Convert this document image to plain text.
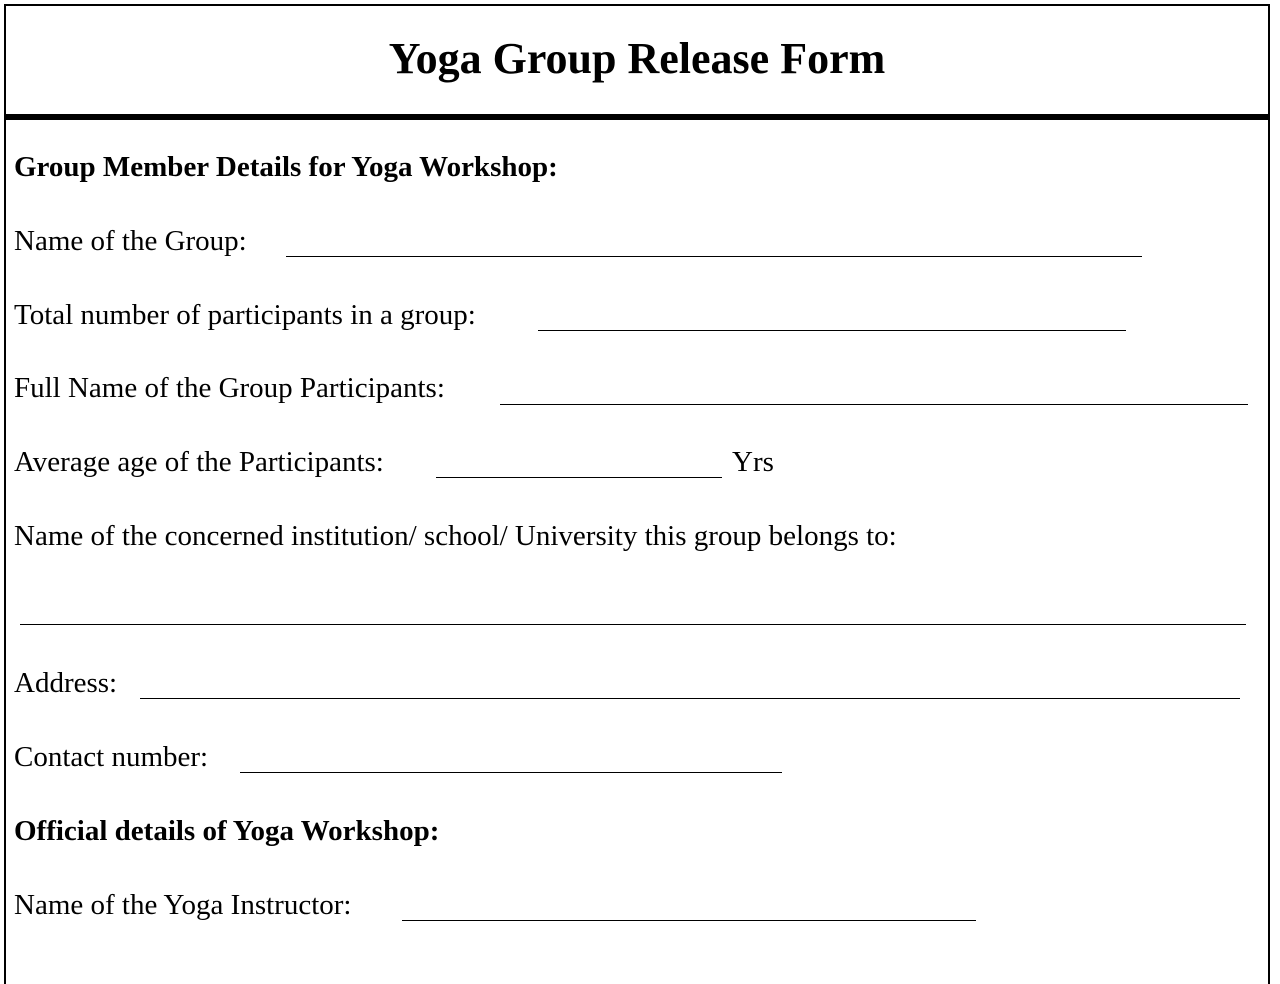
Yoga Group Release Form
Group Member Details for Yoga Workshop:
Name of the Group:
Total number of participants in a group:
Full Name of the Group Participants:
Average age of the Participants:	Yrs
Name of the concerned institution/ school/ University this group belongs to:
Address:
Contact number:
Official details of Yoga Workshop:
Name of the Yoga Instructor:
